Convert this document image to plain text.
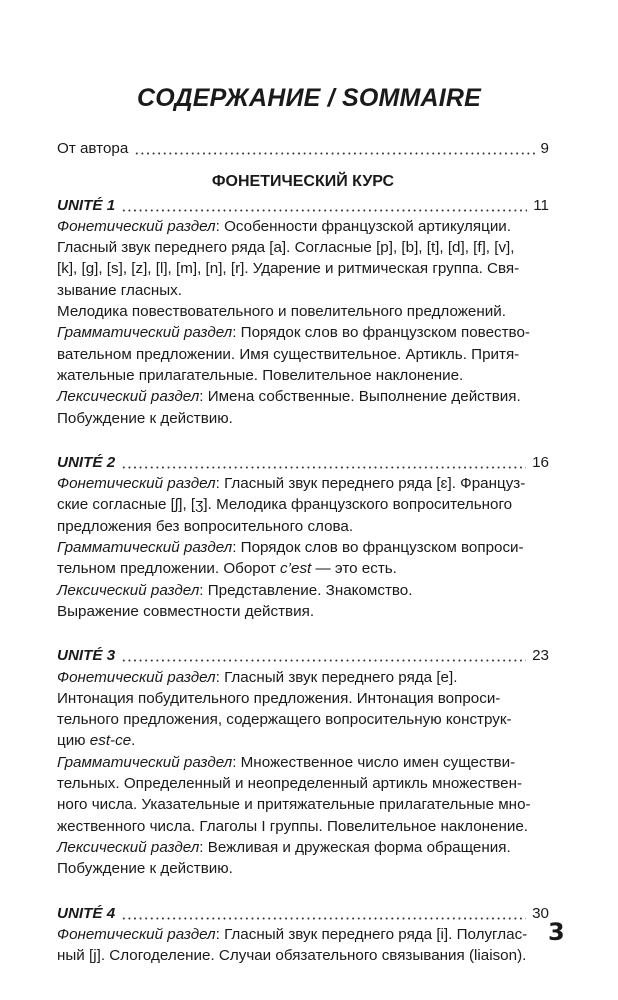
СОДЕРЖАНИЕ / SOMMAIRE
От автора	9
ФОНЕТИЧЕСКИЙ КУРС
UNITÉ 1	11
Фонетический раздел: Особенности французской артикуляции.
Гласный звук переднего ряда [a]. Согласные [p], [b], [t], [d], [f], [v],
[k], [g], [s], [z], [l], [m], [n], [r]. Ударение и ритмическая группа. Свя-
зывание гласных.
Мелодика повествовательного и повелительного предложений.
Грамматический раздел: Порядок слов во французском повество-
вательном предложении. Имя существительное. Артикль. Притя-
жательные прилагательные. Повелительное наклонение.
Лексический раздел: Имена собственные. Выполнение действия.
Побуждение к действию.
UNITÉ 2	16
Фонетический раздел: Гласный звук переднего ряда [ɛ]. Француз-
ские согласные [ʃ], [ʒ]. Мелодика французского вопросительного
предложения без вопросительного слова.
Грамматический раздел: Порядок слов во французском вопроси-
тельном предложении. Оборот c’est — это есть.
Лексический раздел: Представление. Знакомство.
Выражение совместности действия.
UNITÉ 3	23
Фонетический раздел: Гласный звук переднего ряда [e].
Интонация побудительного предложения. Интонация вопроси-
тельного предложения, содержащего вопросительную конструк-
цию est-ce.
Грамматический раздел: Множественное число имен существи-
тельных. Определенный и неопределенный артикль множествен-
ного числа. Указательные и притяжательные прилагательные мно-
жественного числа. Глаголы I группы. Повелительное наклонение.
Лексический раздел: Вежливая и дружеская форма обращения.
Побуждение к действию.
UNITÉ 4	30
Фонетический раздел: Гласный звук переднего ряда [i]. Полуглас-
ный [j]. Слогоделение. Случаи обязательного связывания (liaison).
3
